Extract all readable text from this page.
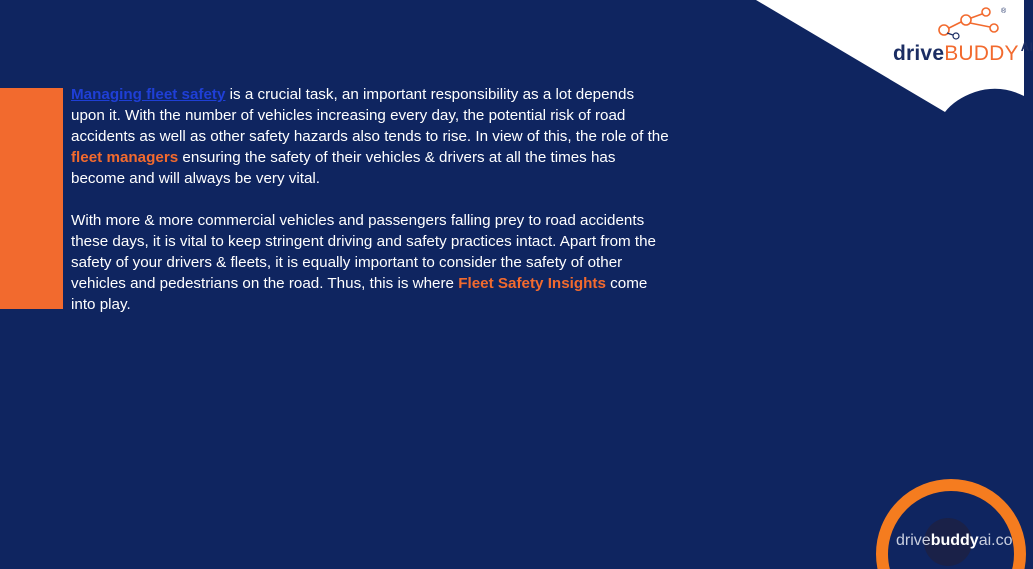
®
driveBUDDY $^{AI}$

Managing fleet safety is a crucial task, an important responsibility as a lot depends upon it. With the number of vehicles increasing every day, the potential risk of road accidents as well as other safety hazards also tends to rise. In view of this, the role of the fleet managers ensuring the safety of their vehicles & drivers at all the times has become and will always be very vital.

With more & more commercial vehicles and passengers falling prey to road accidents these days, it is vital to keep stringent driving and safety practices intact. Apart from the safety of your drivers & fleets, it is equally important to consider the safety of other vehicles and pedestrians on the road. Thus, this is where Fleet Safety Insights come into play.

drivebuddyai.co
